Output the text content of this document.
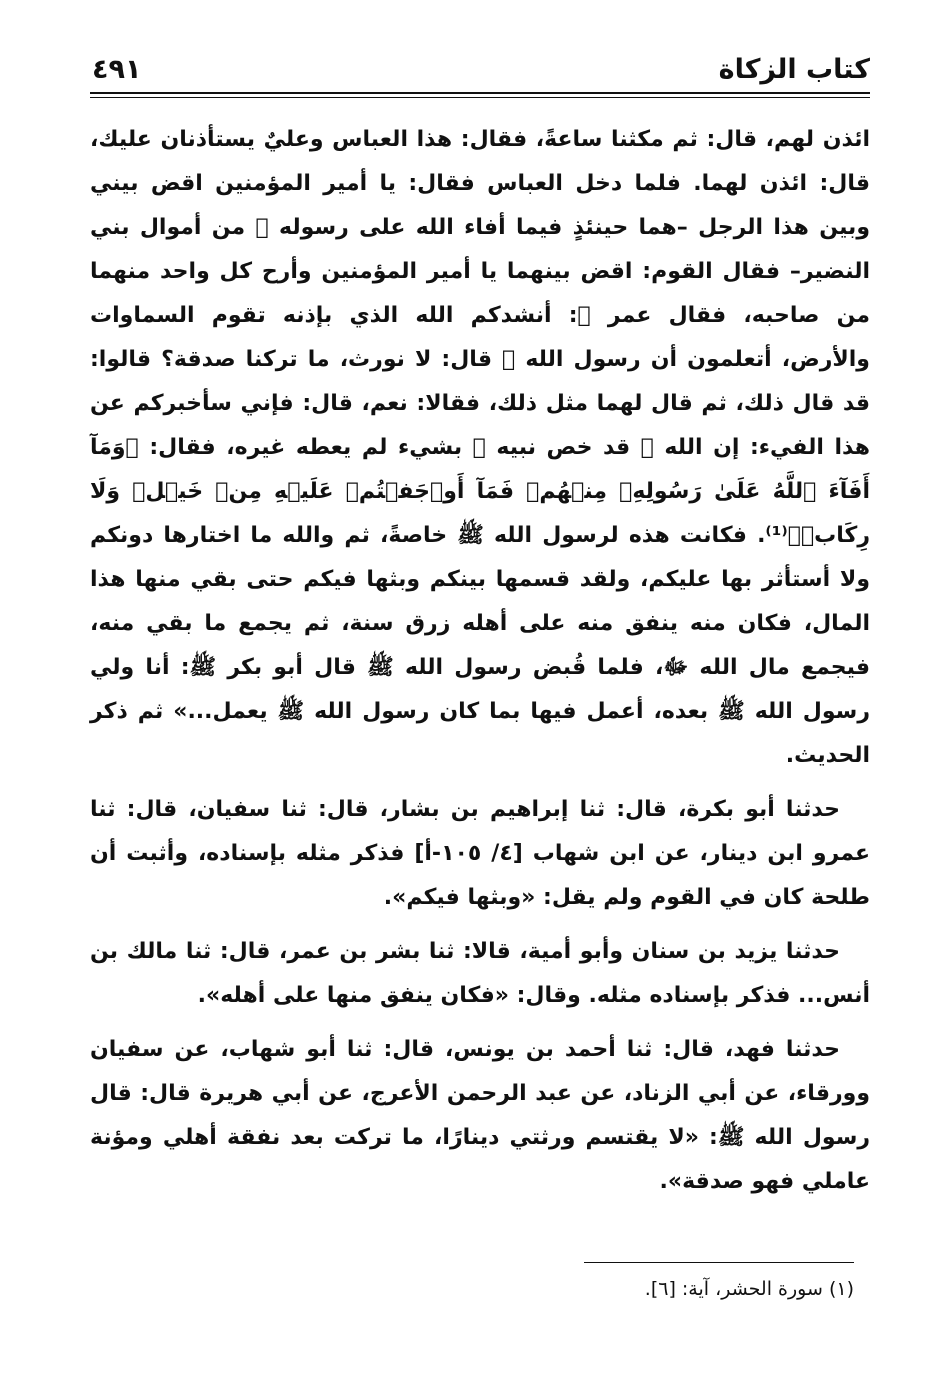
كتاب الزكاة
٤٩١

ائذن لهم، قال: ثم مكثنا ساعةً، فقال: هذا العباس وعليٌ يستأذنان عليك، قال: ائذن لهما. فلما دخل العباس فقال: يا أمير المؤمنين اقض بيني وبين هذا الرجل –هما حينئذٍ فيما أفاء الله على رسوله ﷺ من أموال بني النضير– فقال القوم: اقض بينهما يا أمير المؤمنين وأرح كل واحد منهما من صاحبه، فقال عمر ﷺ: أنشدكم الله الذي بإذنه تقوم السماوات والأرض، أتعلمون أن رسول الله ﷺ قال: لا نورث، ما تركنا صدقة؟ قالوا: قد قال ذلك، ثم قال لهما مثل ذلك، فقالا: نعم، قال: فإني سأخبركم عن هذا الفيء: إن الله ﷻ قد خص نبيه ﷺ بشيء لم يعطه غيره، فقال: ﴿وَمَآ أَفَآءَ ٱللَّهُ عَلَىٰ رَسُولِهِۦ مِنۡهُمۡ فَمَآ أَوۡجَفۡتُمۡ عَلَيۡهِ مِنۡ خَيۡلٖ وَلَا رِكَابٖ﴾⁽¹⁾. فكانت هذه لرسول الله ﷺ خاصةً، ثم والله ما اختارها دونكم ولا أستأثر بها عليكم، ولقد قسمها بينكم وبثها فيكم حتى بقي منها هذا المال، فكان منه ينفق منه على أهله زرق سنة، ثم يجمع ما بقي منه، فيجمع مال الله ﷻ، فلما قُبض رسول الله ﷺ قال أبو بكر ﷺ: أنا ولي رسول الله ﷺ بعده، أعمل فيها بما كان رسول الله ﷺ يعمل...» ثم ذكر الحديث.

حدثنا أبو بكرة، قال: ثنا إبراهيم بن بشار، قال: ثنا سفيان، قال: ثنا عمرو ابن دينار، عن ابن شهاب [٤/ ١٠٥-أ] فذكر مثله بإسناده، وأثبت أن طلحة كان في القوم ولم يقل: «وبثها فيكم».

حدثنا يزيد بن سنان وأبو أمية، قالا: ثنا بشر بن عمر، قال: ثنا مالك بن أنس... فذكر بإسناده مثله. وقال: «فكان ينفق منها على أهله».

حدثنا فهد، قال: ثنا أحمد بن يونس، قال: ثنا أبو شهاب، عن سفيان وورقاء، عن أبي الزناد، عن عبد الرحمن الأعرج، عن أبي هريرة قال: قال رسول الله ﷺ: «لا يقتسم ورثتي دينارًا، ما تركت بعد نفقة أهلي ومؤنة عاملي فهو صدقة».

(١) سورة الحشر، آية: [٦].
